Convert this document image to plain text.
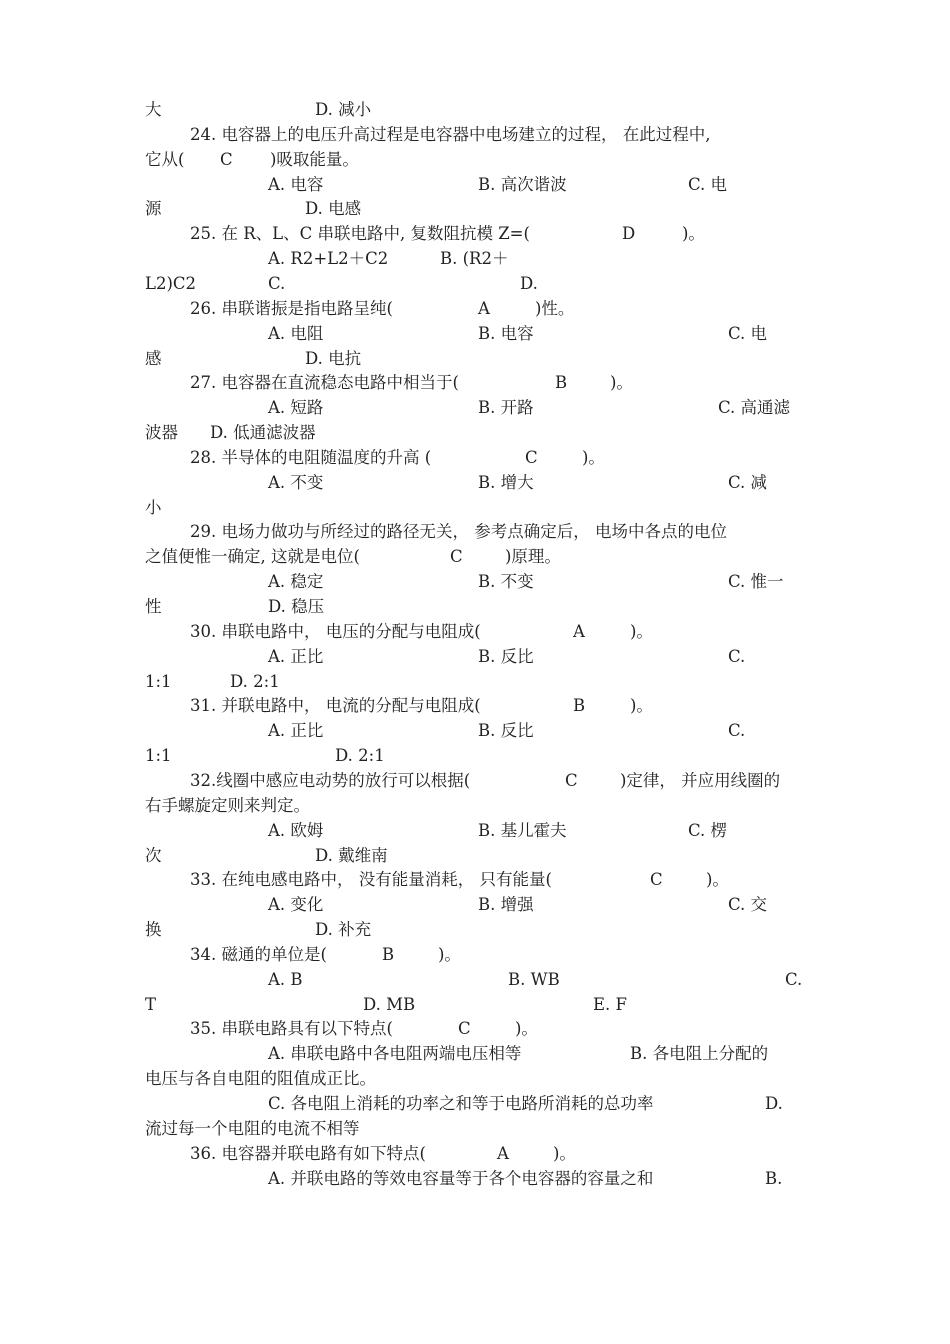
大	D. 减小
24. 电容器上的电压升高过程是电容器中电场建立的过程， 在此过程中,
它从( C )吸取能量。
A. 电容	B. 高次谐波	C. 电
源	D. 电感
25. 在 R、L、C 串联电路中, 复数阻抗模 Z=(	D	)。
A. R2+L2＋C2	B. (R2＋
L2)C2	C.	D.
26. 串联谐振是指电路呈纯(	A	)性。
A. 电阻	B. 电容	C. 电
感	D. 电抗
27. 电容器在直流稳态电路中相当于(	B	)。
A. 短路	B. 开路	C. 高通滤
波器 D. 低通滤波器
28. 半导体的电阻随温度的升高 (	C	)。
A. 不变	B. 增大	C. 减
小
29. 电场力做功与所经过的路径无关， 参考点确定后， 电场中各点的电位
之值便惟一确定, 这就是电位(	C	)原理。
A. 稳定	B. 不变	C. 惟一
性	D. 稳压
30. 串联电路中， 电压的分配与电阻成(	A	)。
A. 正比	B. 反比	C.
1:1	D. 2:1
31. 并联电路中， 电流的分配与电阻成(	B	)。
A. 正比	B. 反比	C.
1:1	D. 2:1
32.线圈中感应电动势的放行可以根据(	C	)定律， 并应用线圈的
右手螺旋定则来判定。
A. 欧姆	B. 基儿霍夫	C. 楞
次	D. 戴维南
33. 在纯电感电路中， 没有能量消耗， 只有能量(	C	)。
A. 变化	B. 增强	C. 交
换	D. 补充
34. 磁通的单位是(	B	)。
A. B	B. WB	C.
T	D. MB	E. F
35. 串联电路具有以下特点(	C	)。
A. 串联电路中各电阻两端电压相等	B. 各电阻上分配的
电压与各自电阻的阻值成正比。
C. 各电阻上消耗的功率之和等于电路所消耗的总功率	D.
流过每一个电阻的电流不相等
36. 电容器并联电路有如下特点(	A	)。
A. 并联电路的等效电容量等于各个电容器的容量之和	B.
